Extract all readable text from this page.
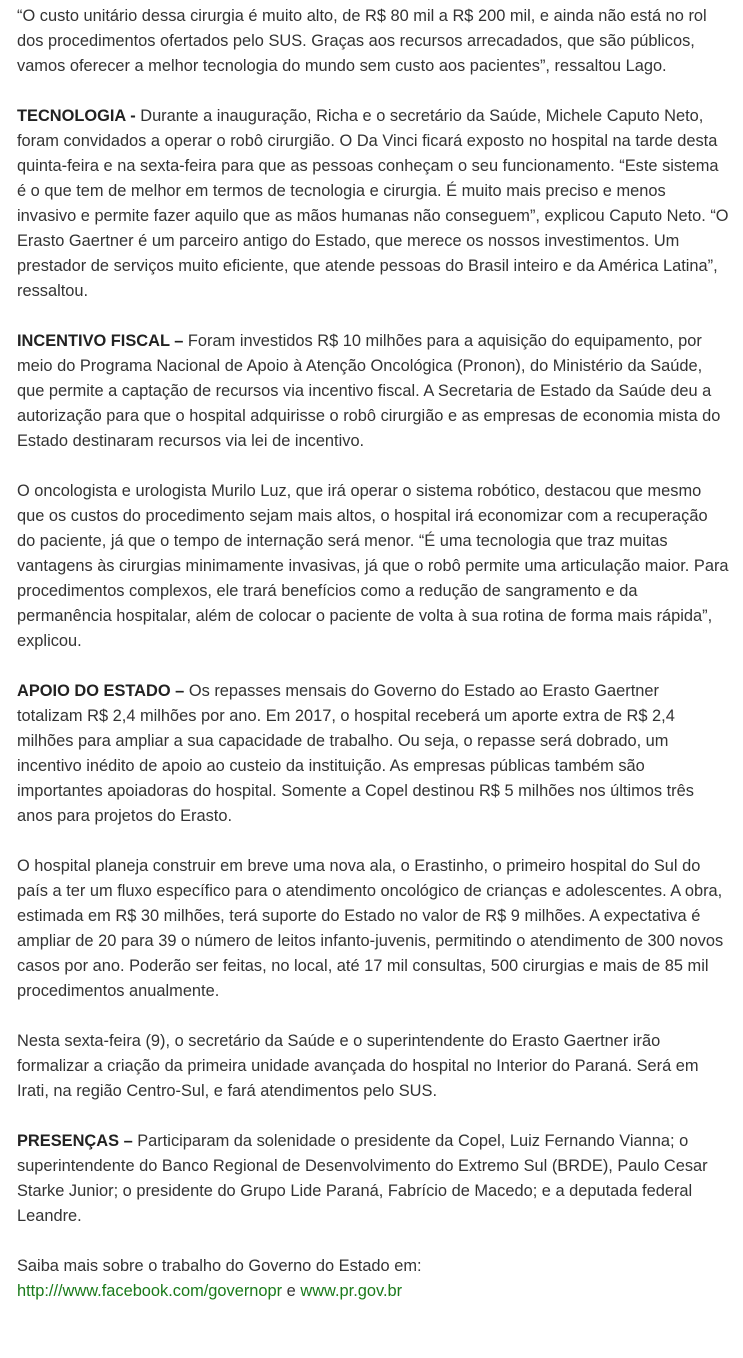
“O custo unitário dessa cirurgia é muito alto, de R$ 80 mil a R$ 200 mil, e ainda não está no rol dos procedimentos ofertados pelo SUS. Graças aos recursos arrecadados, que são públicos, vamos oferecer a melhor tecnologia do mundo sem custo aos pacientes”, ressaltou Lago.

TECNOLOGIA - Durante a inauguração, Richa e o secretário da Saúde, Michele Caputo Neto, foram convidados a operar o robô cirurgião. O Da Vinci ficará exposto no hospital na tarde desta quinta-feira e na sexta-feira para que as pessoas conheçam o seu funcionamento. “Este sistema é o que tem de melhor em termos de tecnologia e cirurgia. É muito mais preciso e menos invasivo e permite fazer aquilo que as mãos humanas não conseguem”, explicou Caputo Neto. “O Erasto Gaertner é um parceiro antigo do Estado, que merece os nossos investimentos. Um prestador de serviços muito eficiente, que atende pessoas do Brasil inteiro e da América Latina”, ressaltou.

INCENTIVO FISCAL – Foram investidos R$ 10 milhões para a aquisição do equipamento, por meio do Programa Nacional de Apoio à Atenção Oncológica (Pronon), do Ministério da Saúde, que permite a captação de recursos via incentivo fiscal. A Secretaria de Estado da Saúde deu a autorização para que o hospital adquirisse o robô cirurgião e as empresas de economia mista do Estado destinaram recursos via lei de incentivo.

O oncologista e urologista Murilo Luz, que irá operar o sistema robótico, destacou que mesmo que os custos do procedimento sejam mais altos, o hospital irá economizar com a recuperação do paciente, já que o tempo de internação será menor. “É uma tecnologia que traz muitas vantagens às cirurgias minimamente invasivas, já que o robô permite uma articulação maior. Para procedimentos complexos, ele trará benefícios como a redução de sangramento e da permanência hospitalar, além de colocar o paciente de volta à sua rotina de forma mais rápida”, explicou.

APOIO DO ESTADO – Os repasses mensais do Governo do Estado ao Erasto Gaertner totalizam R$ 2,4 milhões por ano. Em 2017, o hospital receberá um aporte extra de R$ 2,4 milhões para ampliar a sua capacidade de trabalho. Ou seja, o repasse será dobrado, um incentivo inédito de apoio ao custeio da instituição. As empresas públicas também são importantes apoiadoras do hospital. Somente a Copel destinou R$ 5 milhões nos últimos três anos para projetos do Erasto.

O hospital planeja construir em breve uma nova ala, o Erastinho, o primeiro hospital do Sul do país a ter um fluxo específico para o atendimento oncológico de crianças e adolescentes. A obra, estimada em R$ 30 milhões, terá suporte do Estado no valor de R$ 9 milhões. A expectativa é ampliar de 20 para 39 o número de leitos infanto-juvenis, permitindo o atendimento de 300 novos casos por ano. Poderão ser feitas, no local, até 17 mil consultas, 500 cirurgias e mais de 85 mil procedimentos anualmente.

Nesta sexta-feira (9), o secretário da Saúde e o superintendente do Erasto Gaertner irão formalizar a criação da primeira unidade avançada do hospital no Interior do Paraná. Será em Irati, na região Centro-Sul, e fará atendimentos pelo SUS.

PRESENÇAS – Participaram da solenidade o presidente da Copel, Luiz Fernando Vianna; o superintendente do Banco Regional de Desenvolvimento do Extremo Sul (BRDE), Paulo Cesar Starke Junior; o presidente do Grupo Lide Paraná, Fabrício de Macedo; e a deputada federal Leandre.

Saiba mais sobre o trabalho do Governo do Estado em:
http:///www.facebook.com/governopr e www.pr.gov.br
